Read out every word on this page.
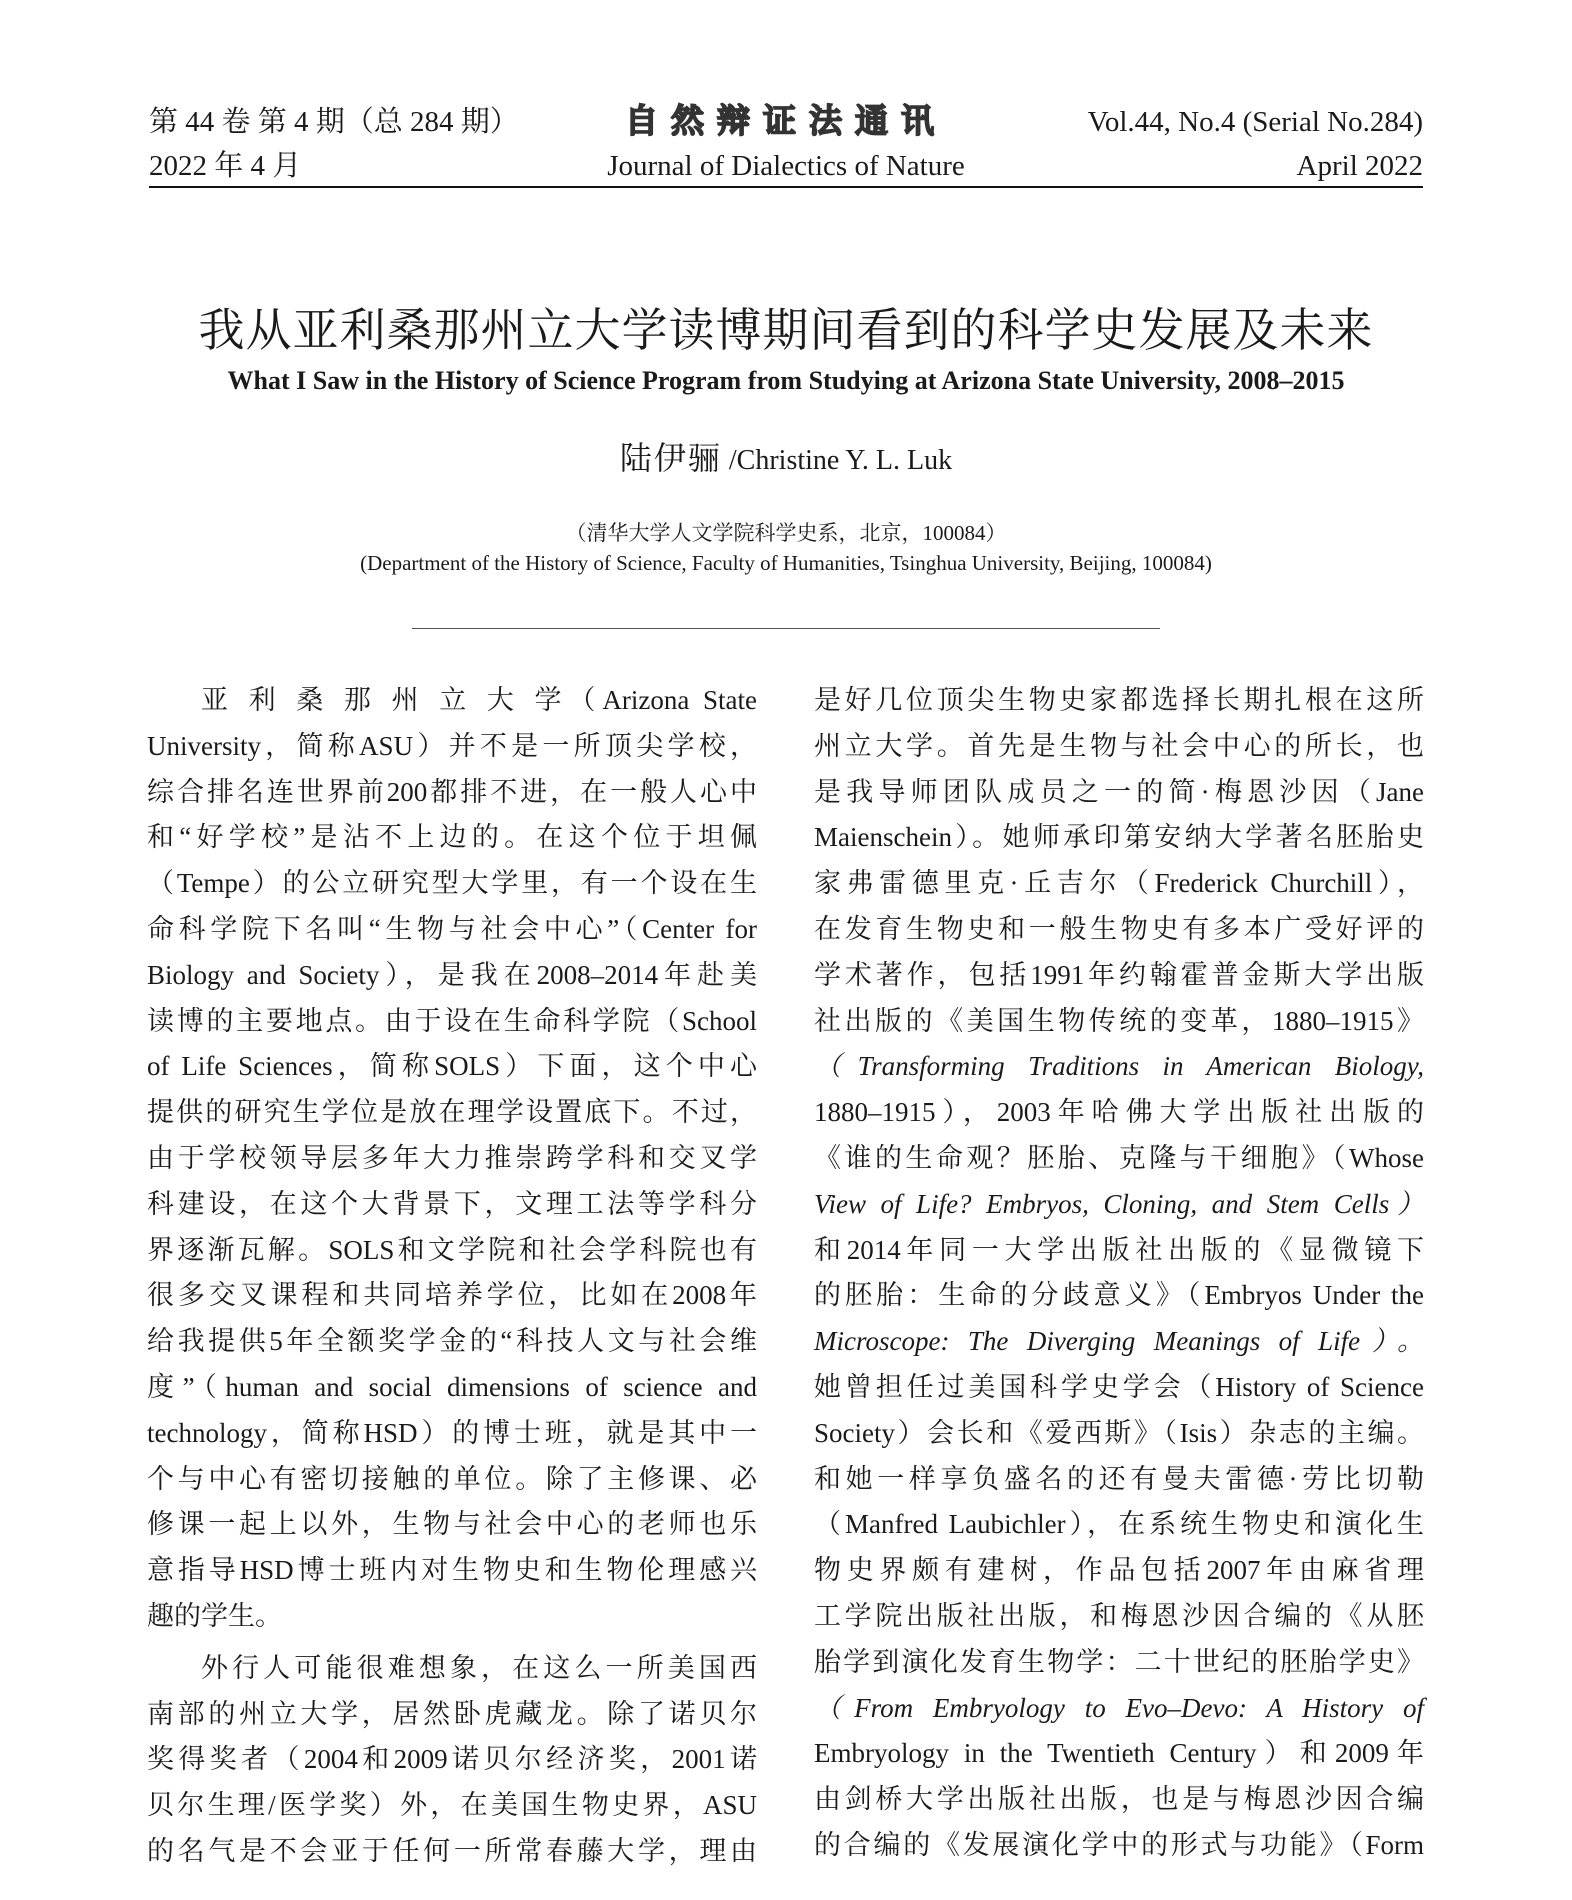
第 44 卷 第 4 期（总 284 期）
2022 年 4 月
自然辩证法通讯
Journal of Dialectics of Nature
Vol.44, No.4 (Serial No.284)
April 2022
我从亚利桑那州立大学读博期间看到的科学史发展及未来
What I Saw in the History of Science Program from Studying at Arizona State University, 2008–2015
陆伊骊 /Christine Y. L. Luk
（清华大学人文学院科学史系，北京，100084）
(Department of the History of Science, Faculty of Humanities, Tsinghua University, Beijing, 100084)
亚 利 桑 那 州 立 大 学（Arizona State
University，简称ASU）并不是一所顶尖学校，
综合排名连世界前200都排不进，在一般人心中
和“好学校”是沾不上边的。在这个位于坦佩
（Tempe）的公立研究型大学里，有一个设在生
命科学院下名叫“生物与社会中心”（Center for
Biology and Society），是我在2008–2014年赴美
读博的主要地点。由于设在生命科学院（School
of Life Sciences，简称SOLS）下面，这个中心
提供的研究生学位是放在理学设置底下。不过，
由于学校领导层多年大力推崇跨学科和交叉学
科建设，在这个大背景下，文理工法等学科分
界逐渐瓦解。SOLS和文学院和社会学科院也有
很多交叉课程和共同培养学位，比如在2008年
给我提供5年全额奖学金的“科技人文与社会维
度”（human and social dimensions of science and
technology，简称HSD）的博士班，就是其中一
个与中心有密切接触的单位。除了主修课、必
修课一起上以外，生物与社会中心的老师也乐
意指导HSD博士班内对生物史和生物伦理感兴
趣的学生。
外行人可能很难想象，在这么一所美国西
南部的州立大学，居然卧虎藏龙。除了诺贝尔
奖得奖者（2004和2009诺贝尔经济奖，2001诺
贝尔生理/医学奖）外，在美国生物史界，ASU
的名气是不会亚于任何一所常春藤大学，理由
是好几位顶尖生物史家都选择长期扎根在这所
州立大学。首先是生物与社会中心的所长，也
是我导师团队成员之一的简·梅恩沙因（Jane
Maienschein）。她师承印第安纳大学著名胚胎史
家弗雷德里克·丘吉尔（Frederick Churchill），
在发育生物史和一般生物史有多本广受好评的
学术著作，包括1991年约翰霍普金斯大学出版
社出版的《美国生物传统的变革，1880–1915》
（Transforming Traditions in American Biology,
1880–1915），2003年哈佛大学出版社出版的
《谁的生命观？胚胎、克隆与干细胞》（Whose
View of Life? Embryos, Cloning, and Stem Cells）
和2014年同一大学出版社出版的《显微镜下
的胚胎：生命的分歧意义》（Embryos Under the
Microscope: The Diverging Meanings of Life）。
她曾担任过美国科学史学会（History of Science
Society）会长和《爱西斯》（Isis）杂志的主编。
和她一样享负盛名的还有曼夫雷德·劳比切勒
（Manfred Laubichler），在系统生物史和演化生
物史界颇有建树，作品包括2007年由麻省理
工学院出版社出版，和梅恩沙因合编的《从胚
胎学到演化发育生物学：二十世纪的胚胎学史》
（From Embryology to Evo–Devo: A History of
Embryology in the Twentieth Century）和2009年
由剑桥大学出版社出版，也是与梅恩沙因合编
的合编的《发展演化学中的形式与功能》（Form
